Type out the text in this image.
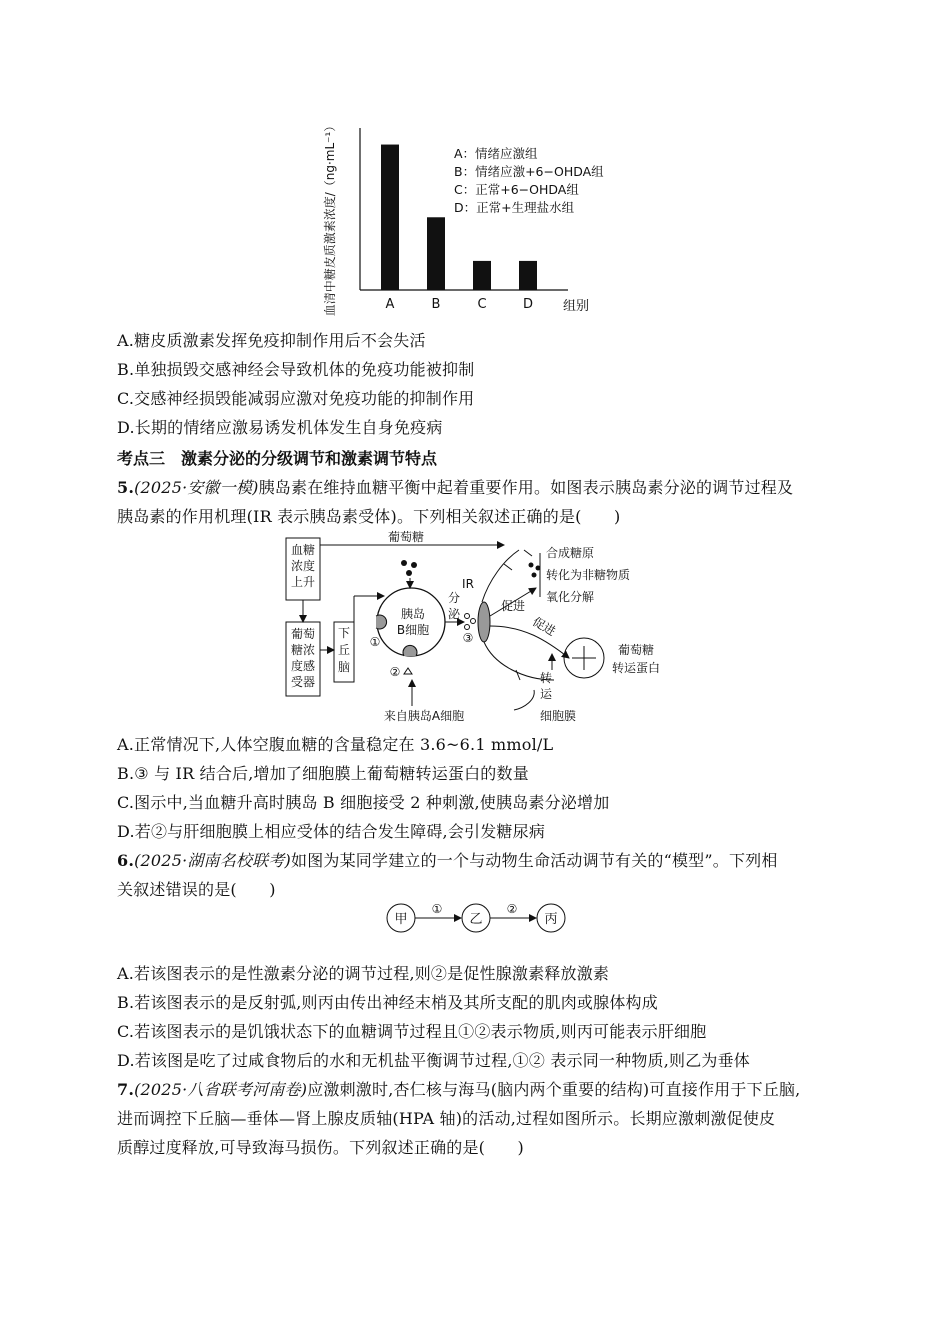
血清中糖皮质激素浓度/（ng·mL⁻¹）	A	B	C	D 组别
A：情绪应激组
B：情绪应激+6−OHDA组
C：正常+6−OHDA组
D：正常+生理盐水组
A.糖皮质激素发挥免疫抑制作用后不会失活
B.单独损毁交感神经会导致机体的免疫功能被抑制
C.交感神经损毁能减弱应激对免疫功能的抑制作用
D.长期的情绪应激易诱发机体发生自身免疫病
考点三　激素分泌的分级调节和激素调节特点
5.(2025·安徽一模)胰岛素在维持血糖平衡中起着重要作用。如图表示胰岛素分泌的调节过程及
胰岛素的作用机理(IR 表示胰岛素受体)。下列相关叙述正确的是(　　)
血糖
浓度
上升
葡萄
糖浓
度感
受器
下
丘
脑
葡萄糖
胰岛
B细胞
①
②
来自胰岛A细胞
分
泌
③
IR
合成糖原
转化为非糖物质
氧化分解
促进
促进
葡萄糖
转运蛋白
转
运
细胞膜
A.正常情况下,人体空腹血糖的含量稳定在 3.6~6.1 mmol/L
B.③ 与 IR 结合后,增加了细胞膜上葡萄糖转运蛋白的数量
C.图示中,当血糖升高时胰岛 B 细胞接受 2 种刺激,使胰岛素分泌增加
D.若②与肝细胞膜上相应受体的结合发生障碍,会引发糖尿病
6.(2025·湖南名校联考)如图为某同学建立的一个与动物生命活动调节有关的“模型”。下列相
关叙述错误的是(　　)
甲
①
乙
②
丙
A.若该图表示的是性激素分泌的调节过程,则②是促性腺激素释放激素
B.若该图表示的是反射弧,则丙由传出神经末梢及其所支配的肌肉或腺体构成
C.若该图表示的是饥饿状态下的血糖调节过程且①②表示物质,则丙可能表示肝细胞
D.若该图是吃了过咸食物后的水和无机盐平衡调节过程,①② 表示同一种物质,则乙为垂体
7.(2025·八省联考河南卷)应激刺激时,杏仁核与海马(脑内两个重要的结构)可直接作用于下丘脑,
进而调控下丘脑—垂体—肾上腺皮质轴(HPA 轴)的活动,过程如图所示。长期应激刺激促使皮
质醇过度释放,可导致海马损伤。下列叙述正确的是(　　)
